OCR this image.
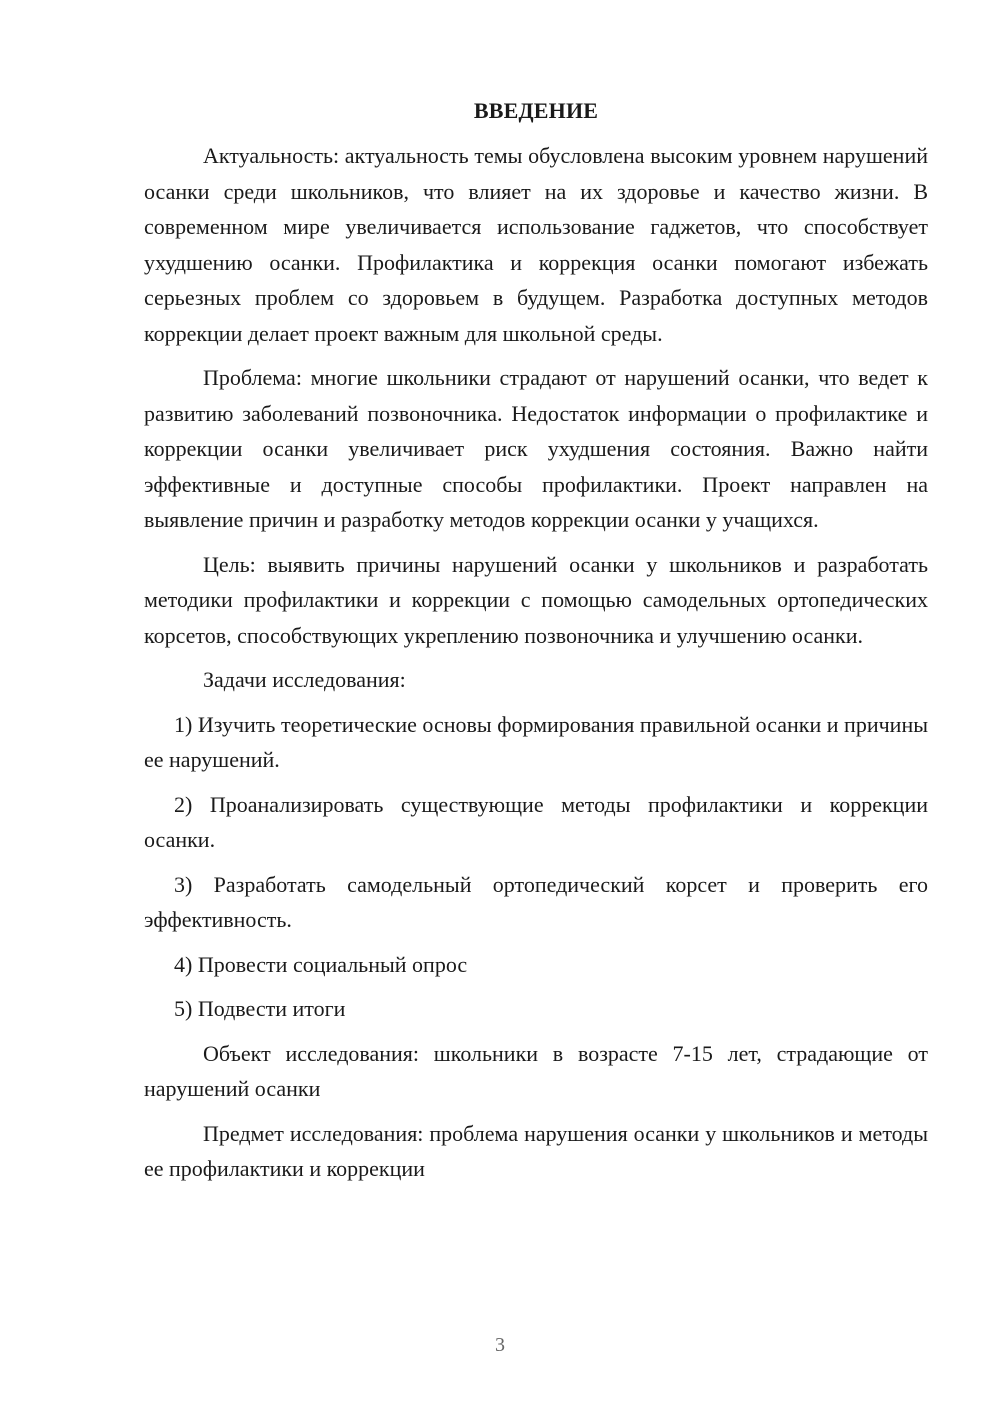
ВВЕДЕНИЕ

Актуальность: актуальность темы обусловлена высоким уровнем нарушений осанки среди школьников, что влияет на их здоровье и качество жизни. В современном мире увеличивается использование гаджетов, что способствует ухудшению осанки. Профилактика и коррекция осанки помогают избежать серьезных проблем со здоровьем в будущем. Разработка доступных методов коррекции делает проект важным для школьной среды.

Проблема: многие школьники страдают от нарушений осанки, что ведет к развитию заболеваний позвоночника. Недостаток информации о профилактике и коррекции осанки увеличивает риск ухудшения состояния. Важно найти эффективные и доступные способы профилактики. Проект направлен на выявление причин и разработку методов коррекции осанки у учащихся.

Цель: выявить причины нарушений осанки у школьников и разработать методики профилактики и коррекции с помощью самодельных ортопедических корсетов, способствующих укреплению позвоночника и улучшению осанки.

Задачи исследования:

1) Изучить теоретические основы формирования правильной осанки и причины ее нарушений.

2) Проанализировать существующие методы профилактики и коррекции осанки.

3) Разработать самодельный ортопедический корсет и проверить его эффективность.

4) Провести социальный опрос

5) Подвести итоги

Объект исследования: школьники в возрасте 7-15 лет, страдающие от нарушений осанки

Предмет исследования: проблема нарушения осанки у школьников и методы ее профилактики и коррекции

3
